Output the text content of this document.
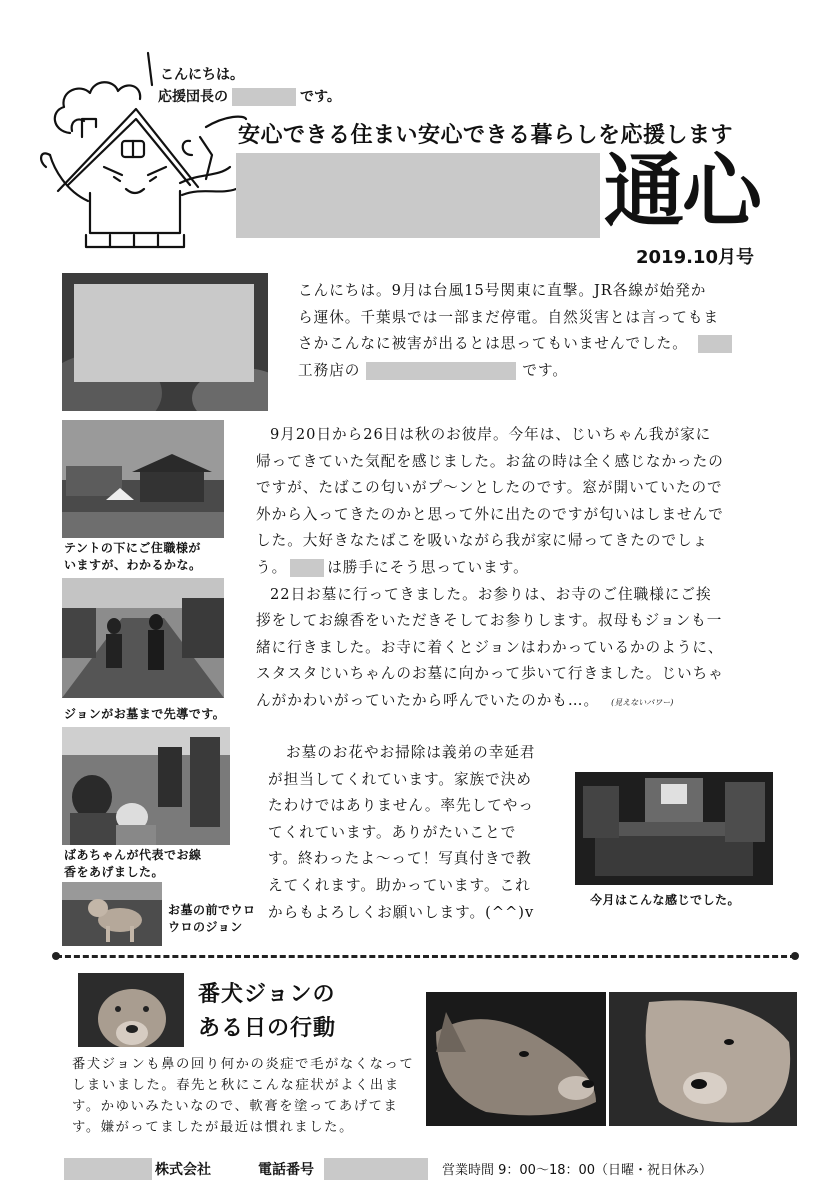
こんにちは。
応援団長の	です。
安心できる住まい安心できる暮らしを応援します
通心
2019.10月号

こんにちは。9月は台風15号関東に直撃。JR各線が始発か

ら運休。千葉県では一部まだ停電。自然災害とは言ってもま

さかこんなに被害が出るとは思ってもいませんでした。

工務店の	です。

テントの下にご住職様が
いますが、わかるかな。
ジョンがお墓まで先導です。
ばあちゃんが代表でお線
香をあげました。
お墓の前でウロ
ウロのジョン

9月20日から26日は秋のお彼岸。今年は、じいちゃん我が家に

帰ってきていた気配を感じました。お盆の時は全く感じなかったの

ですが、たばこの匂いがプ～ンとしたのです。窓が開いていたので

外から入ってきたのかと思って外に出たのですが匂いはしませんで

した。大好きなたばこを吸いながら我が家に帰ってきたのでしょ

う。	は勝手にそう思っています。

22日お墓に行ってきました。お参りは、お寺のご住職様にご挨

拶をしてお線香をいただきそしてお参りします。叔母もジョンも一

緒に行きました。お寺に着くとジョンはわかっているかのように、

スタスタじいちゃんのお墓に向かって歩いて行きました。じいちゃ

んがかわいがっていたから呼んでいたのかも…。 (見えないパワー)

お墓のお花やお掃除は義弟の幸延君

が担当してくれています。家族で決め

たわけではありません。率先してやっ

てくれています。ありがたいことで

す。終わったよ～って！写真付きで教

えてくれます。助かっています。これ

からもよろしくお願いします。(^^)v

今月はこんな感じでした。
番犬ジョンの
ある日の行動
番犬ジョンも鼻の回り何かの炎症で毛がなくなって
しまいました。春先と秋にこんな症状がよく出ま
す。かゆいみたいなので、軟膏を塗ってあげてま
す。嫌がってましたが最近は慣れました。
株式会社	電話番号	営業時間 9：00～18：00（日曜・祝日休み）
